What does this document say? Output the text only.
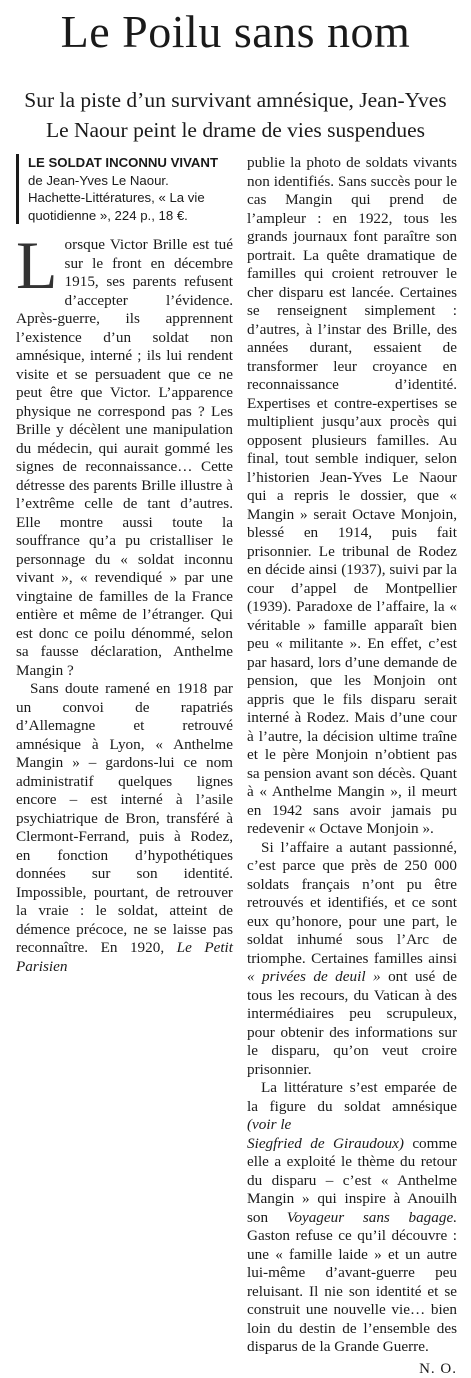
Le Poilu sans nom
Sur la piste d’un survivant amnésique, Jean-Yves
Le Naour peint le drame de vies suspendues
LE SOLDAT INCONNU VIVANT
de Jean-Yves Le Naour.
Hachette-Littératures, « La vie quotidienne », 224 p., 18 €.

Lorsque Victor Brille est tué sur le front en décembre 1915, ses parents refusent d’accepter l’évidence. Après-guerre, ils apprennent l’existence d’un soldat non amnésique, interné ; ils lui rendent visite et se persuadent que ce ne peut être que Victor. L’apparence physique ne correspond pas ? Les Brille y décèlent une manipulation du médecin, qui aurait gommé les signes de reconnaissance… Cette détresse des parents Brille illustre à l’extrême celle de tant d’autres. Elle montre aussi toute la souffrance qu’a pu cristalliser le personnage du « soldat inconnu vivant », « revendiqué » par une vingtaine de familles de la France entière et même de l’étranger. Qui est donc ce poilu dénommé, selon sa fausse déclaration, Anthelme Mangin ?

Sans doute ramené en 1918 par un convoi de rapatriés d’Allemagne et retrouvé amnésique à Lyon, « Anthelme Mangin » – gardons-lui ce nom administratif quelques lignes encore – est interné à l’asile psychiatrique de Bron, transféré à Clermont-Ferrand, puis à Rodez, en fonction d’hypothétiques données sur son identité. Impossible, pourtant, de retrouver la vraie : le soldat, atteint de démence précoce, ne se laisse pas reconnaître. En 1920, Le Petit Parisien

publie la photo de soldats vivants non identifiés. Sans succès pour le cas Mangin qui prend de l’ampleur : en 1922, tous les grands journaux font paraître son portrait. La quête dramatique de familles qui croient retrouver le cher disparu est lancée. Certaines se renseignent simplement : d’autres, à l’instar des Brille, des années durant, essaient de transformer leur croyance en reconnaissance d’identité. Expertises et contre-expertises se multiplient jusqu’aux procès qui opposent plusieurs familles. Au final, tout semble indiquer, selon l’historien Jean-Yves Le Naour qui a repris le dossier, que « Mangin » serait Octave Monjoin, blessé en 1914, puis fait prisonnier. Le tribunal de Rodez en décide ainsi (1937), suivi par la cour d’appel de Montpellier (1939). Paradoxe de l’affaire, la « véritable » famille apparaît bien peu « militante ». En effet, c’est par hasard, lors d’une demande de pension, que les Monjoin ont appris que le fils disparu serait interné à Rodez. Mais d’une cour à l’autre, la décision ultime traîne et le père Monjoin n’obtient pas sa pension avant son décès. Quant à « Anthelme Mangin », il meurt en 1942 sans avoir jamais pu redevenir « Octave Monjoin ».

Si l’affaire a autant passionné, c’est parce que près de 250 000 soldats français n’ont pu être retrouvés et identifiés, et ce sont eux qu’honore, pour une part, le soldat inhumé sous l’Arc de triomphe. Certaines familles ainsi « privées de deuil » ont usé de tous les recours, du Vatican à des intermédiaires peu scrupuleux, pour obtenir des informations sur le disparu, qu’on veut croire prisonnier.

La littérature s’est emparée de la figure du soldat amnésique (voir le
Siegfried de Giraudoux) comme elle a exploité le thème du retour du disparu – c’est « Anthelme Mangin » qui inspire à Anouilh son Voyageur sans bagage. Gaston refuse ce qu’il découvre : une « famille laide » et un autre lui-même d’avant-guerre peu reluisant. Il nie son identité et se construit une nouvelle vie… bien loin du destin de l’ensemble des disparus de la Grande Guerre.

N. O.
